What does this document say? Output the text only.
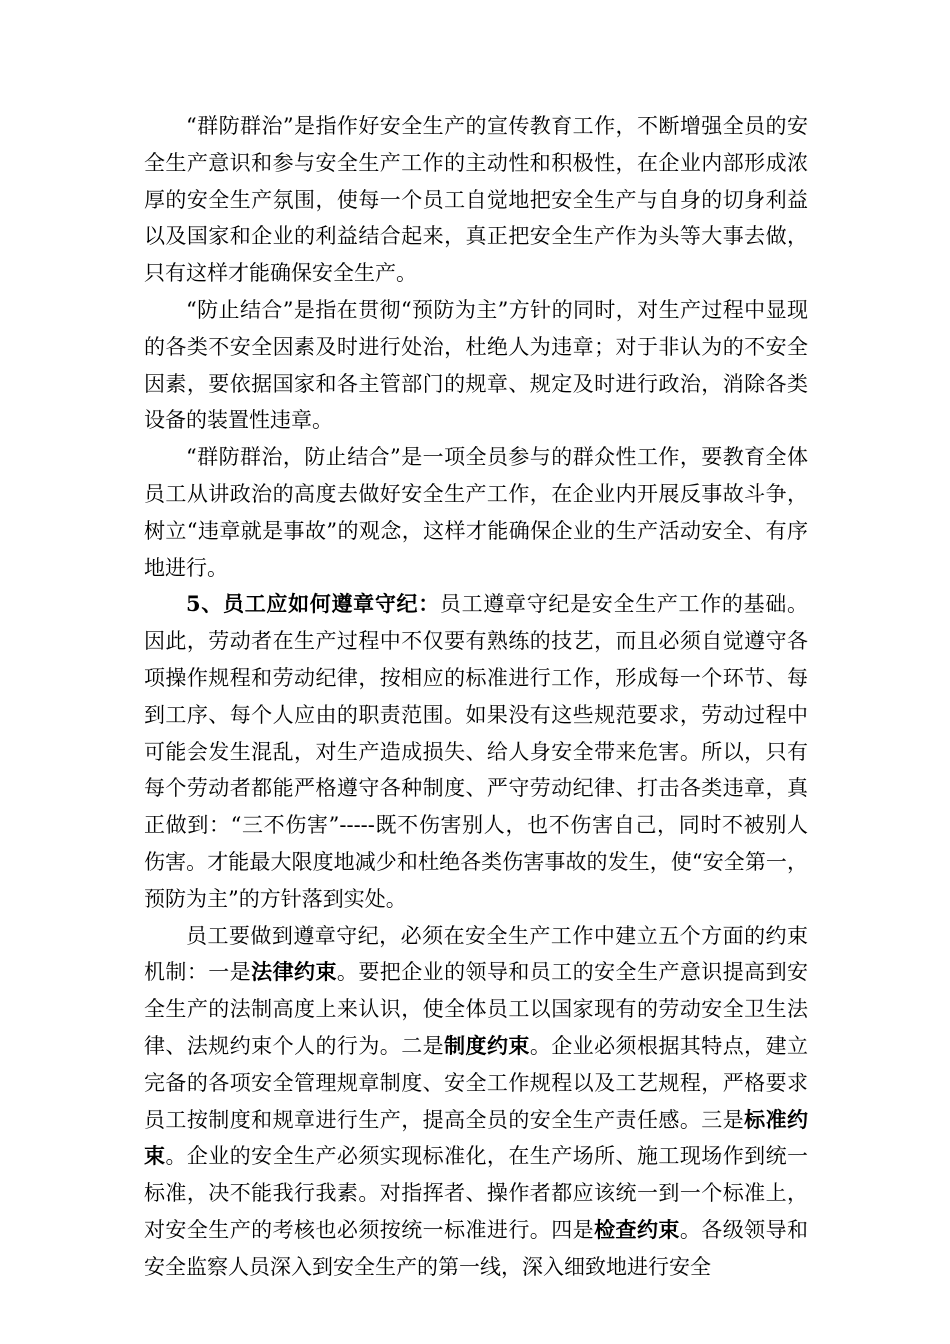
“群防群治”是指作好安全生产的宣传教育工作，不断增强全员的安全生产意识和参与安全生产工作的主动性和积极性，在企业内部形成浓厚的安全生产氛围，使每一个员工自觉地把安全生产与自身的切身利益以及国家和企业的利益结合起来，真正把安全生产作为头等大事去做，只有这样才能确保安全生产。

“防止结合”是指在贯彻“预防为主”方针的同时，对生产过程中显现的各类不安全因素及时进行处治，杜绝人为违章；对于非认为的不安全因素，要依据国家和各主管部门的规章、规定及时进行政治，消除各类设备的装置性违章。

“群防群治，防止结合”是一项全员参与的群众性工作，要教育全体员工从讲政治的高度去做好安全生产工作，在企业内开展反事故斗争，树立“违章就是事故”的观念，这样才能确保企业的生产活动安全、有序地进行。

5、员工应如何遵章守纪：员工遵章守纪是安全生产工作的基础。因此，劳动者在生产过程中不仅要有熟练的技艺，而且必须自觉遵守各项操作规程和劳动纪律，按相应的标准进行工作，形成每一个环节、每到工序、每个人应由的职责范围。如果没有这些规范要求，劳动过程中可能会发生混乱，对生产造成损失、给人身安全带来危害。所以，只有每个劳动者都能严格遵守各种制度、严守劳动纪律、打击各类违章，真正做到：“三不伤害”-----既不伤害别人，也不伤害自己，同时不被别人伤害。才能最大限度地减少和杜绝各类伤害事故的发生，使“安全第一，预防为主”的方针落到实处。

员工要做到遵章守纪，必须在安全生产工作中建立五个方面的约束机制：一是法律约束。要把企业的领导和员工的安全生产意识提高到安全生产的法制高度上来认识，使全体员工以国家现有的劳动安全卫生法律、法规约束个人的行为。二是制度约束。企业必须根据其特点，建立完备的各项安全管理规章制度、安全工作规程以及工艺规程，严格要求员工按制度和规章进行生产，提高全员的安全生产责任感。三是标准约束。企业的安全生产必须实现标准化，在生产场所、施工现场作到统一标准，决不能我行我素。对指挥者、操作者都应该统一到一个标准上，对安全生产的考核也必须按统一标准进行。四是检查约束。各级领导和安全监察人员深入到安全生产的第一线，深入细致地进行安全
